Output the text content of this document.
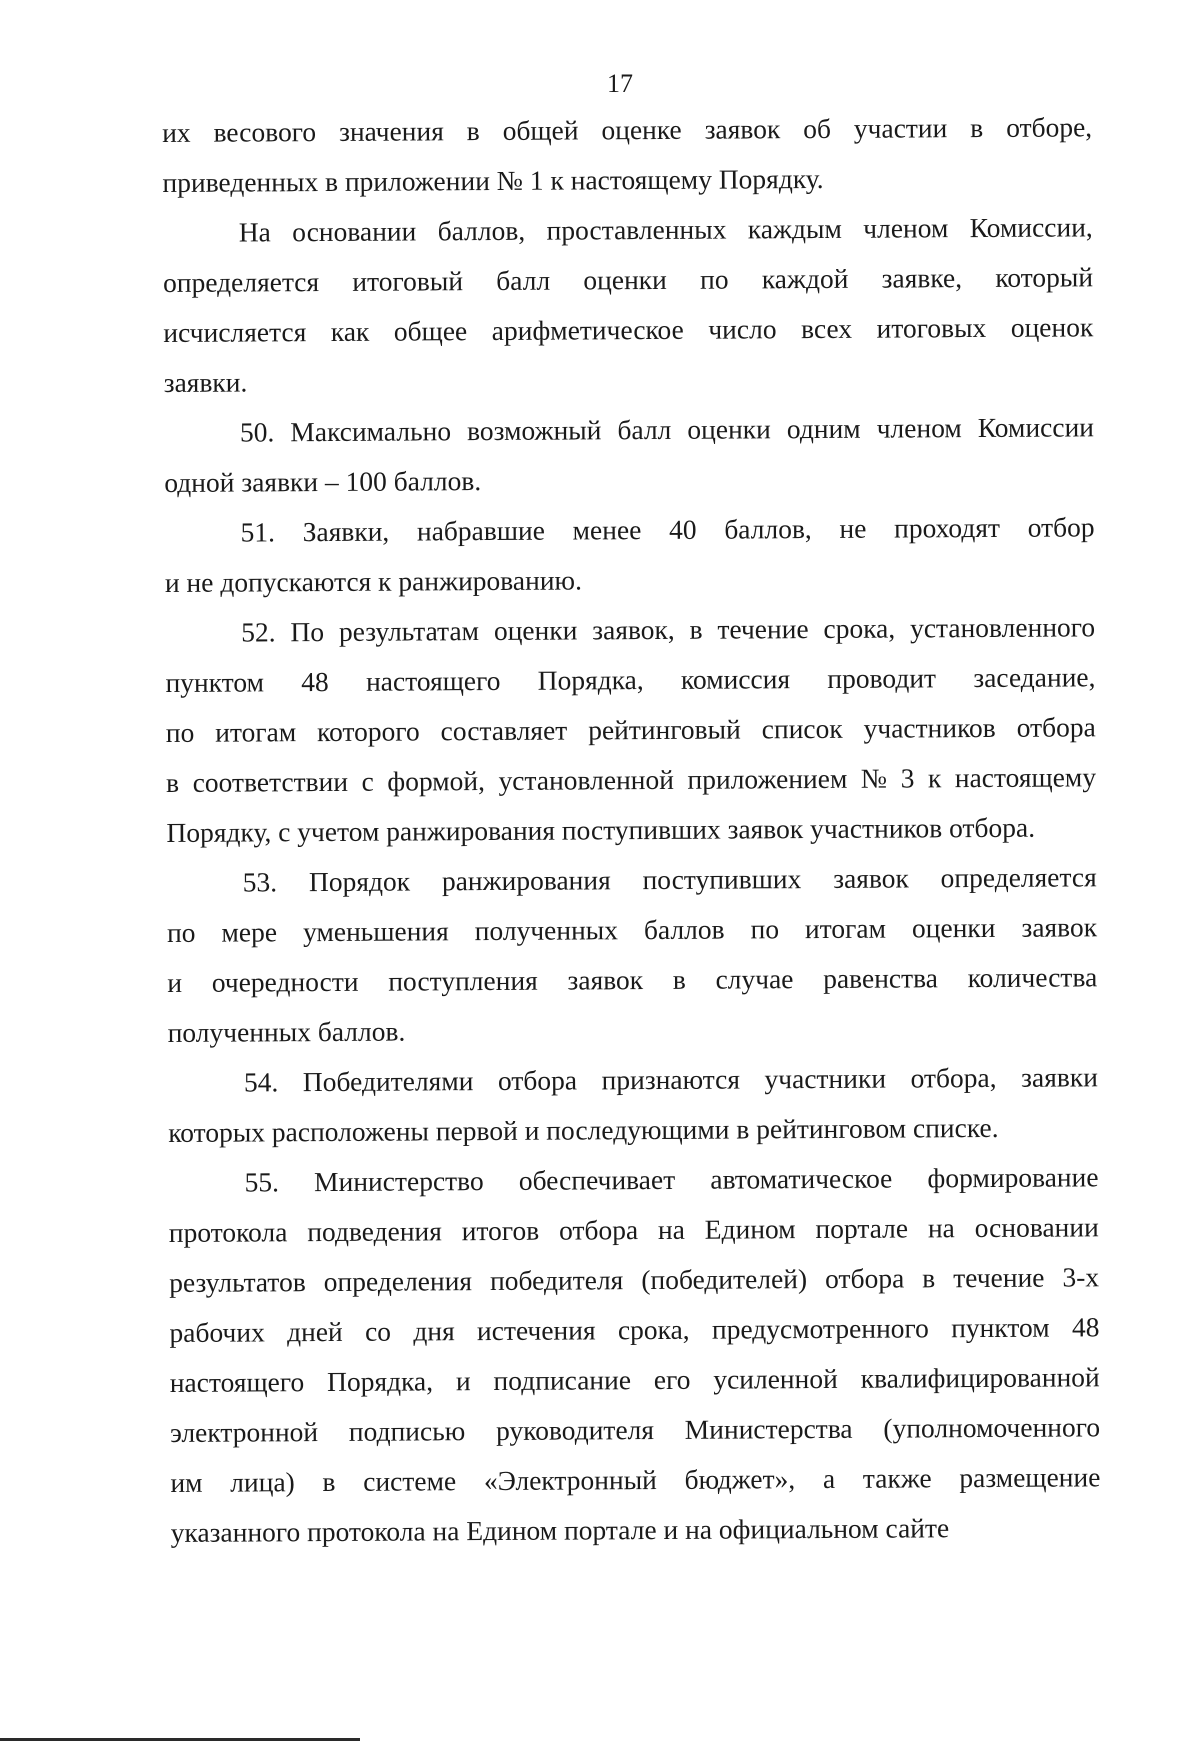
17
их весового значения в общей оценке заявок об участии в отборе,
приведенных в приложении № 1 к настоящему Порядку.
На основании баллов, проставленных каждым членом Комиссии,
определяется итоговый балл оценки по каждой заявке, который
исчисляется как общее арифметическое число всех итоговых оценок
заявки.
50. Максимально возможный балл оценки одним членом Комиссии
одной заявки – 100 баллов.
51. Заявки, набравшие менее 40 баллов, не проходят отбор
и не допускаются к ранжированию.
52. По результатам оценки заявок, в течение срока, установленного
пунктом 48 настоящего Порядка, комиссия проводит заседание,
по итогам которого составляет рейтинговый список участников отбора
в соответствии с формой, установленной приложением № 3 к настоящему
Порядку, с учетом ранжирования поступивших заявок участников отбора.
53. Порядок ранжирования поступивших заявок определяется
по мере уменьшения полученных баллов по итогам оценки заявок
и очередности поступления заявок в случае равенства количества
полученных баллов.
54. Победителями отбора признаются участники отбора, заявки
которых расположены первой и последующими в рейтинговом списке.
55. Министерство обеспечивает автоматическое формирование
протокола подведения итогов отбора на Едином портале на основании
результатов определения победителя (победителей) отбора в течение 3-х
рабочих дней со дня истечения срока, предусмотренного пунктом 48
настоящего Порядка, и подписание его усиленной квалифицированной
электронной подписью руководителя Министерства (уполномоченного
им лица) в системе «Электронный бюджет», а также размещение
указанного протокола на Едином портале и на официальном сайте
